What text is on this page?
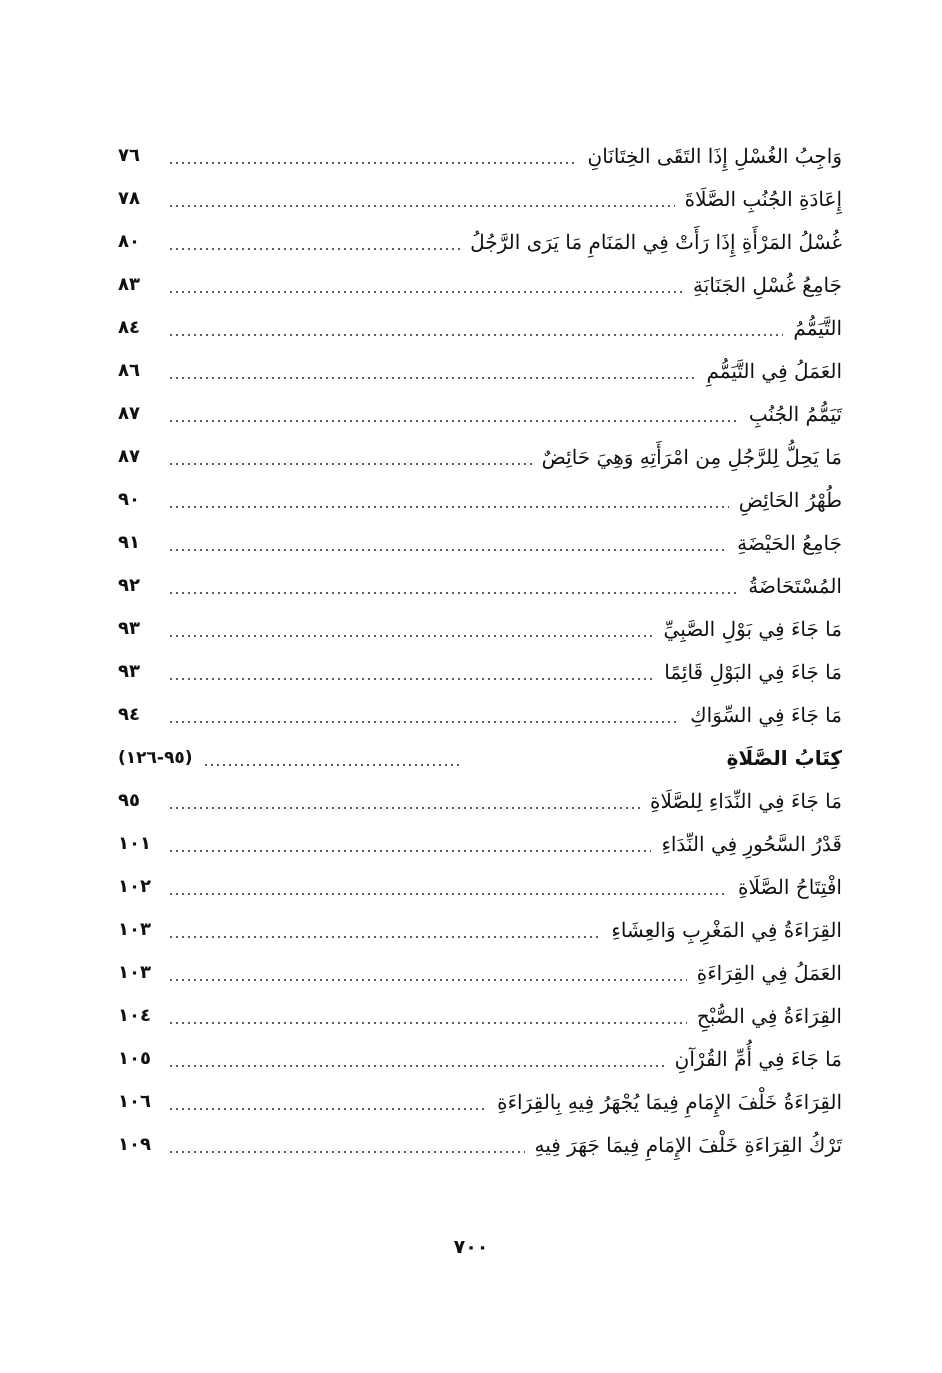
وَاجِبُ الغُسْلِ إِذَا التَقَى الخِتَانَانِ
٧٦
إِعَادَةِ الجُنُبِ الصَّلَاةَ
٧٨
غُسْلُ المَرْأَةِ إِذَا رَأَتْ فِي المَنَامِ مَا يَرَى الرَّجُلُ
٨٠
جَامِعُ غُسْلِ الجَنَابَةِ
٨٣
التَّيَمُّمُ
٨٤
العَمَلُ فِي التَّيَمُّمِ
٨٦
تَيَمُّمُ الجُنُبِ
٨٧
مَا يَحِلُّ لِلرَّجُلِ مِن امْرَأَتِهِ وَهِيَ حَائِضٌ
٨٧
طُهْرُ الحَائِضِ
٩٠
جَامِعُ الحَيْضَةِ
٩١
المُسْتَحَاضَةُ
٩٢
مَا جَاءَ فِي بَوْلِ الصَّبِيِّ
٩٣
مَا جَاءَ فِي البَوْلِ قَائِمًا
٩٣
مَا جَاءَ فِي السِّوَاكِ
٩٤
كِتَابُ الصَّلَاةِ
(٩٥-١٢٦)
مَا جَاءَ فِي النِّدَاءِ لِلصَّلَاةِ
٩٥
قَدْرُ السَّحُورِ فِي النِّدَاءِ
١٠١
افْتِتَاحُ الصَّلَاةِ
١٠٢
القِرَاءَةُ فِي المَغْرِبِ وَالعِشَاءِ
١٠٣
العَمَلُ فِي القِرَاءَةِ
١٠٣
القِرَاءَةُ فِي الصُّبْحِ
١٠٤
مَا جَاءَ فِي أُمِّ القُرْآنِ
١٠٥
القِرَاءَةُ خَلْفَ الإِمَامِ فِيمَا يُجْهَرُ فِيهِ بِالقِرَاءَةِ
١٠٦
تَرْكُ القِرَاءَةِ خَلْفَ الإِمَامِ فِيمَا جَهَرَ فِيهِ
١٠٩
٧٠٠
